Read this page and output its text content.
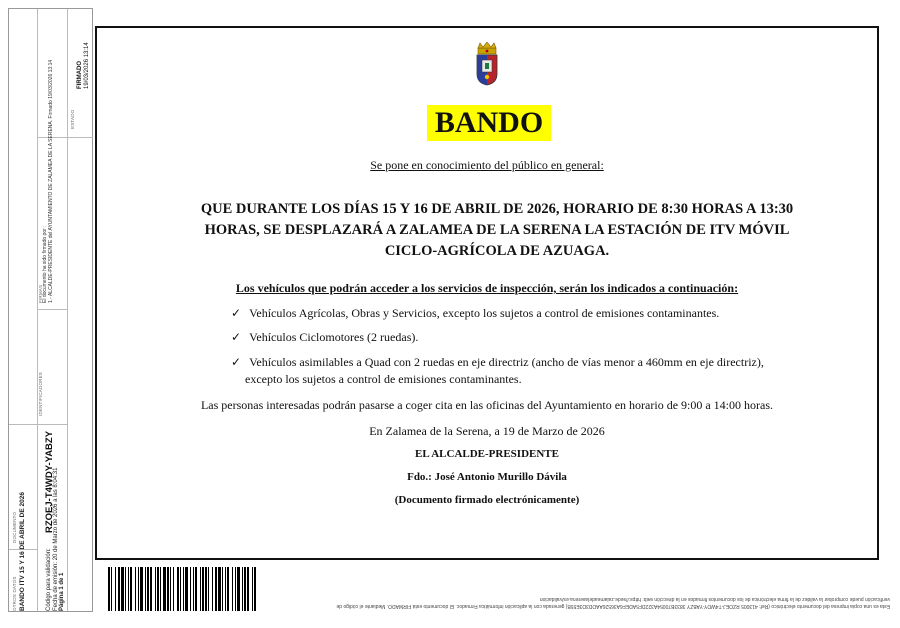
OTROS DATOS
DOCUMENTO BANDO ITV 15 Y 16 DE ABRIL DE 2026
IDENTIFICADORES
FIRMAS El documento ha sido firmado por : 1.- ALCALDE-PRESIDENTE del AYUNTAMIENTO DE ZALAMEA DE LA SERENA. Firmado 19/03/2026 13:14
Código para validación:
RZOEJ-T4WDY-YABZY
Fecha de emisión: 20 de Marzo de 2026 a las 8:04:31 Página 1 de 1
ESTADO
FIRMADO 19/03/2026 13:14
BANDO
Se pone en conocimiento del público en general:
QUE DURANTE LOS DÍAS 15 Y 16 DE ABRIL DE 2026, HORARIO DE 8:30 HORAS A 13:30 HORAS, SE DESPLAZARÁ A ZALAMEA DE LA SERENA LA ESTACIÓN DE ITV MÓVIL CICLO-AGRÍCOLA DE AZUAGA.
Los vehículos que podrán acceder a los servicios de inspección, serán los indicados a continuación:
✓ Vehículos Agrícolas, Obras y Servicios, excepto los sujetos a control de emisiones contaminantes.
✓ Vehículos Ciclomotores (2 ruedas).
✓ Vehículos asimilables a Quad con 2 ruedas en eje directriz (ancho de vías menor a 460mm en eje directriz),
excepto los sujetos a control de emisiones contaminantes.
Las personas interesadas podrán pasarse a coger cita en las oficinas del Ayuntamiento en horario de 9:00 a 14:00 horas.
En Zalamea de la Serena, a 19 de Marzo de 2026
EL ALCALDE-PRESIDENTE
Fdo.: José Antonio Murillo Dávila
(Documento firmado electrónicamente)
Esta es una copia impresa del documento electrónico (Ref: 413005 RZOEJ-T4WDY-YABZY 3833B70054A322DF5ADEF6A36526AADD3D3E55B) generada con la aplicación informática Firmadoc. El documento está FIRMADO. Mediante el código de
verificación puede comprobar la validez de la firma electrónica de los documentos firmados en la dirección web: https://sede.zalameadelaserena.es/validacion
